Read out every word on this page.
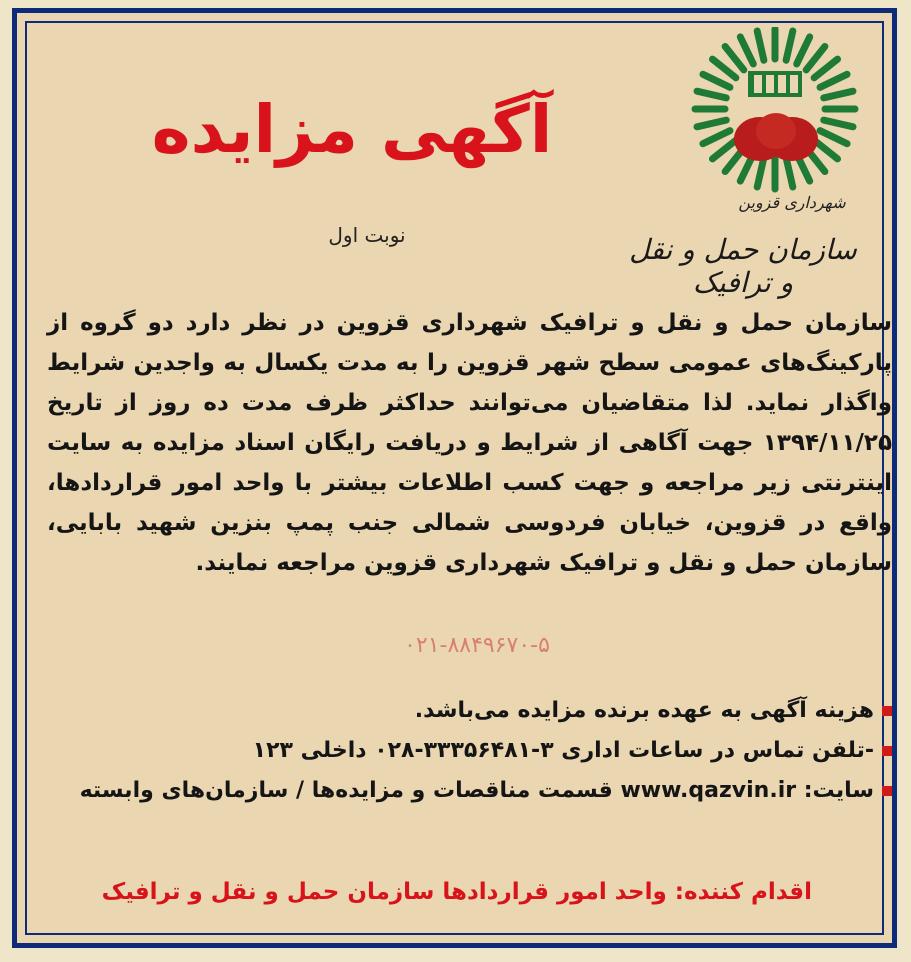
شهرداری قزوین
سازمان حمل و نقل و ترافیک
آگهی مزایده
نوبت اول

سازمان حمل و نقل و ترافیک شهرداری قزوین در نظر دارد دو گروه از پارکینگ‌های عمومی سطح شهر قزوین را به مدت یکسال به واجدین شرایط واگذار نماید. لذا متقاضیان می‌توانند حداکثر ظرف مدت ده روز از تاریخ ۱۳۹۴/۱۱/۲۵ جهت آگاهی از شرایط و دریافت رایگان اسناد مزایده به سایت اینترنتی زیر مراجعه و جهت کسب اطلاعات بیشتر با واحد امور قراردادها، واقع در قزوین، خیابان فردوسی شمالی جنب پمپ بنزین شهید بابایی، سازمان حمل و نقل و ترافیک شهرداری قزوین مراجعه نمایند.

۰۲۱-۸۸۴۹۶۷۰-۵
هزینه آگهی به عهده برنده مزایده می‌باشد.
-تلفن تماس در ساعات اداری ۳-۳۳۳۵۶۴۸۱-۰۲۸ داخلی ۱۲۳
سایت: www.qazvin.ir قسمت مناقصات و مزایده‌ها / سازمان‌های وابسته
اقدام کننده: واحد امور قراردادها سازمان حمل و نقل و ترافیک
